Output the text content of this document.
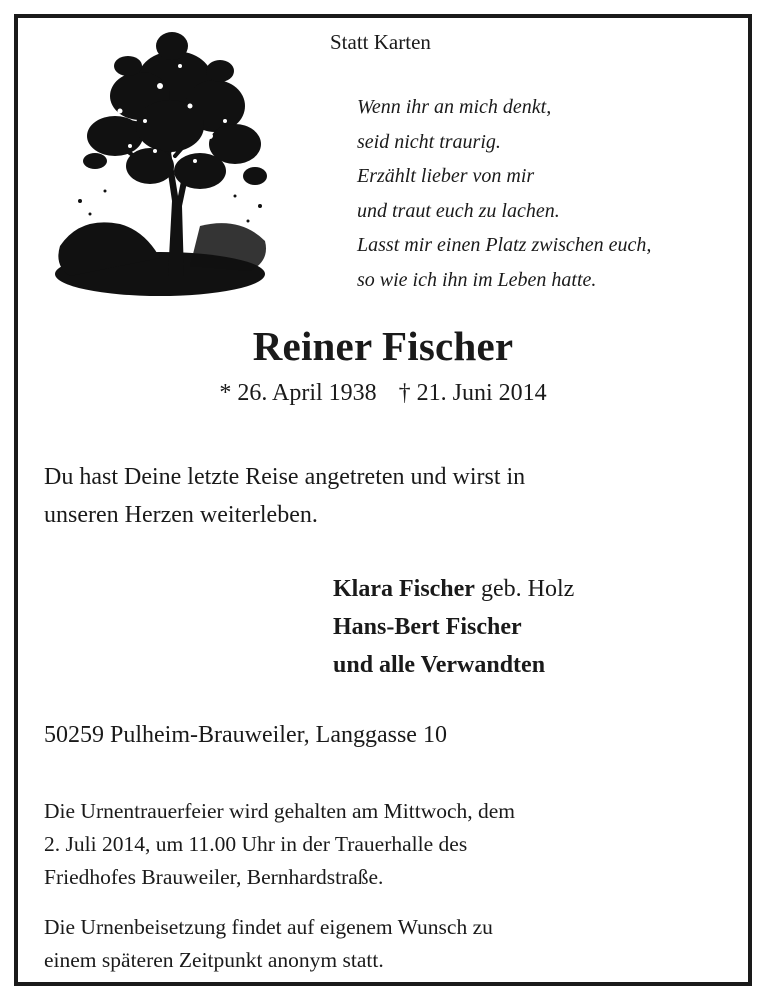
Statt Karten
Wenn ihr an mich denkt,
seid nicht traurig.
Erzählt lieber von mir
und traut euch zu lachen.
Lasst mir einen Platz zwischen euch,
so wie ich ihn im Leben hatte.
Reiner Fischer
* 26. April 1938 † 21. Juni 2014
Du hast Deine letzte Reise angetreten und wirst in
unseren Herzen weiterleben.
Klara Fischer geb. Holz
Hans-Bert Fischer
und alle Verwandten
50259 Pulheim-Brauweiler, Langgasse 10
Die Urnentrauerfeier wird gehalten am Mittwoch, dem
2. Juli 2014, um 11.00 Uhr in der Trauerhalle des
Friedhofes Brauweiler, Bernhardstraße.
Die Urnenbeisetzung findet auf eigenem Wunsch zu
einem späteren Zeitpunkt anonym statt.
